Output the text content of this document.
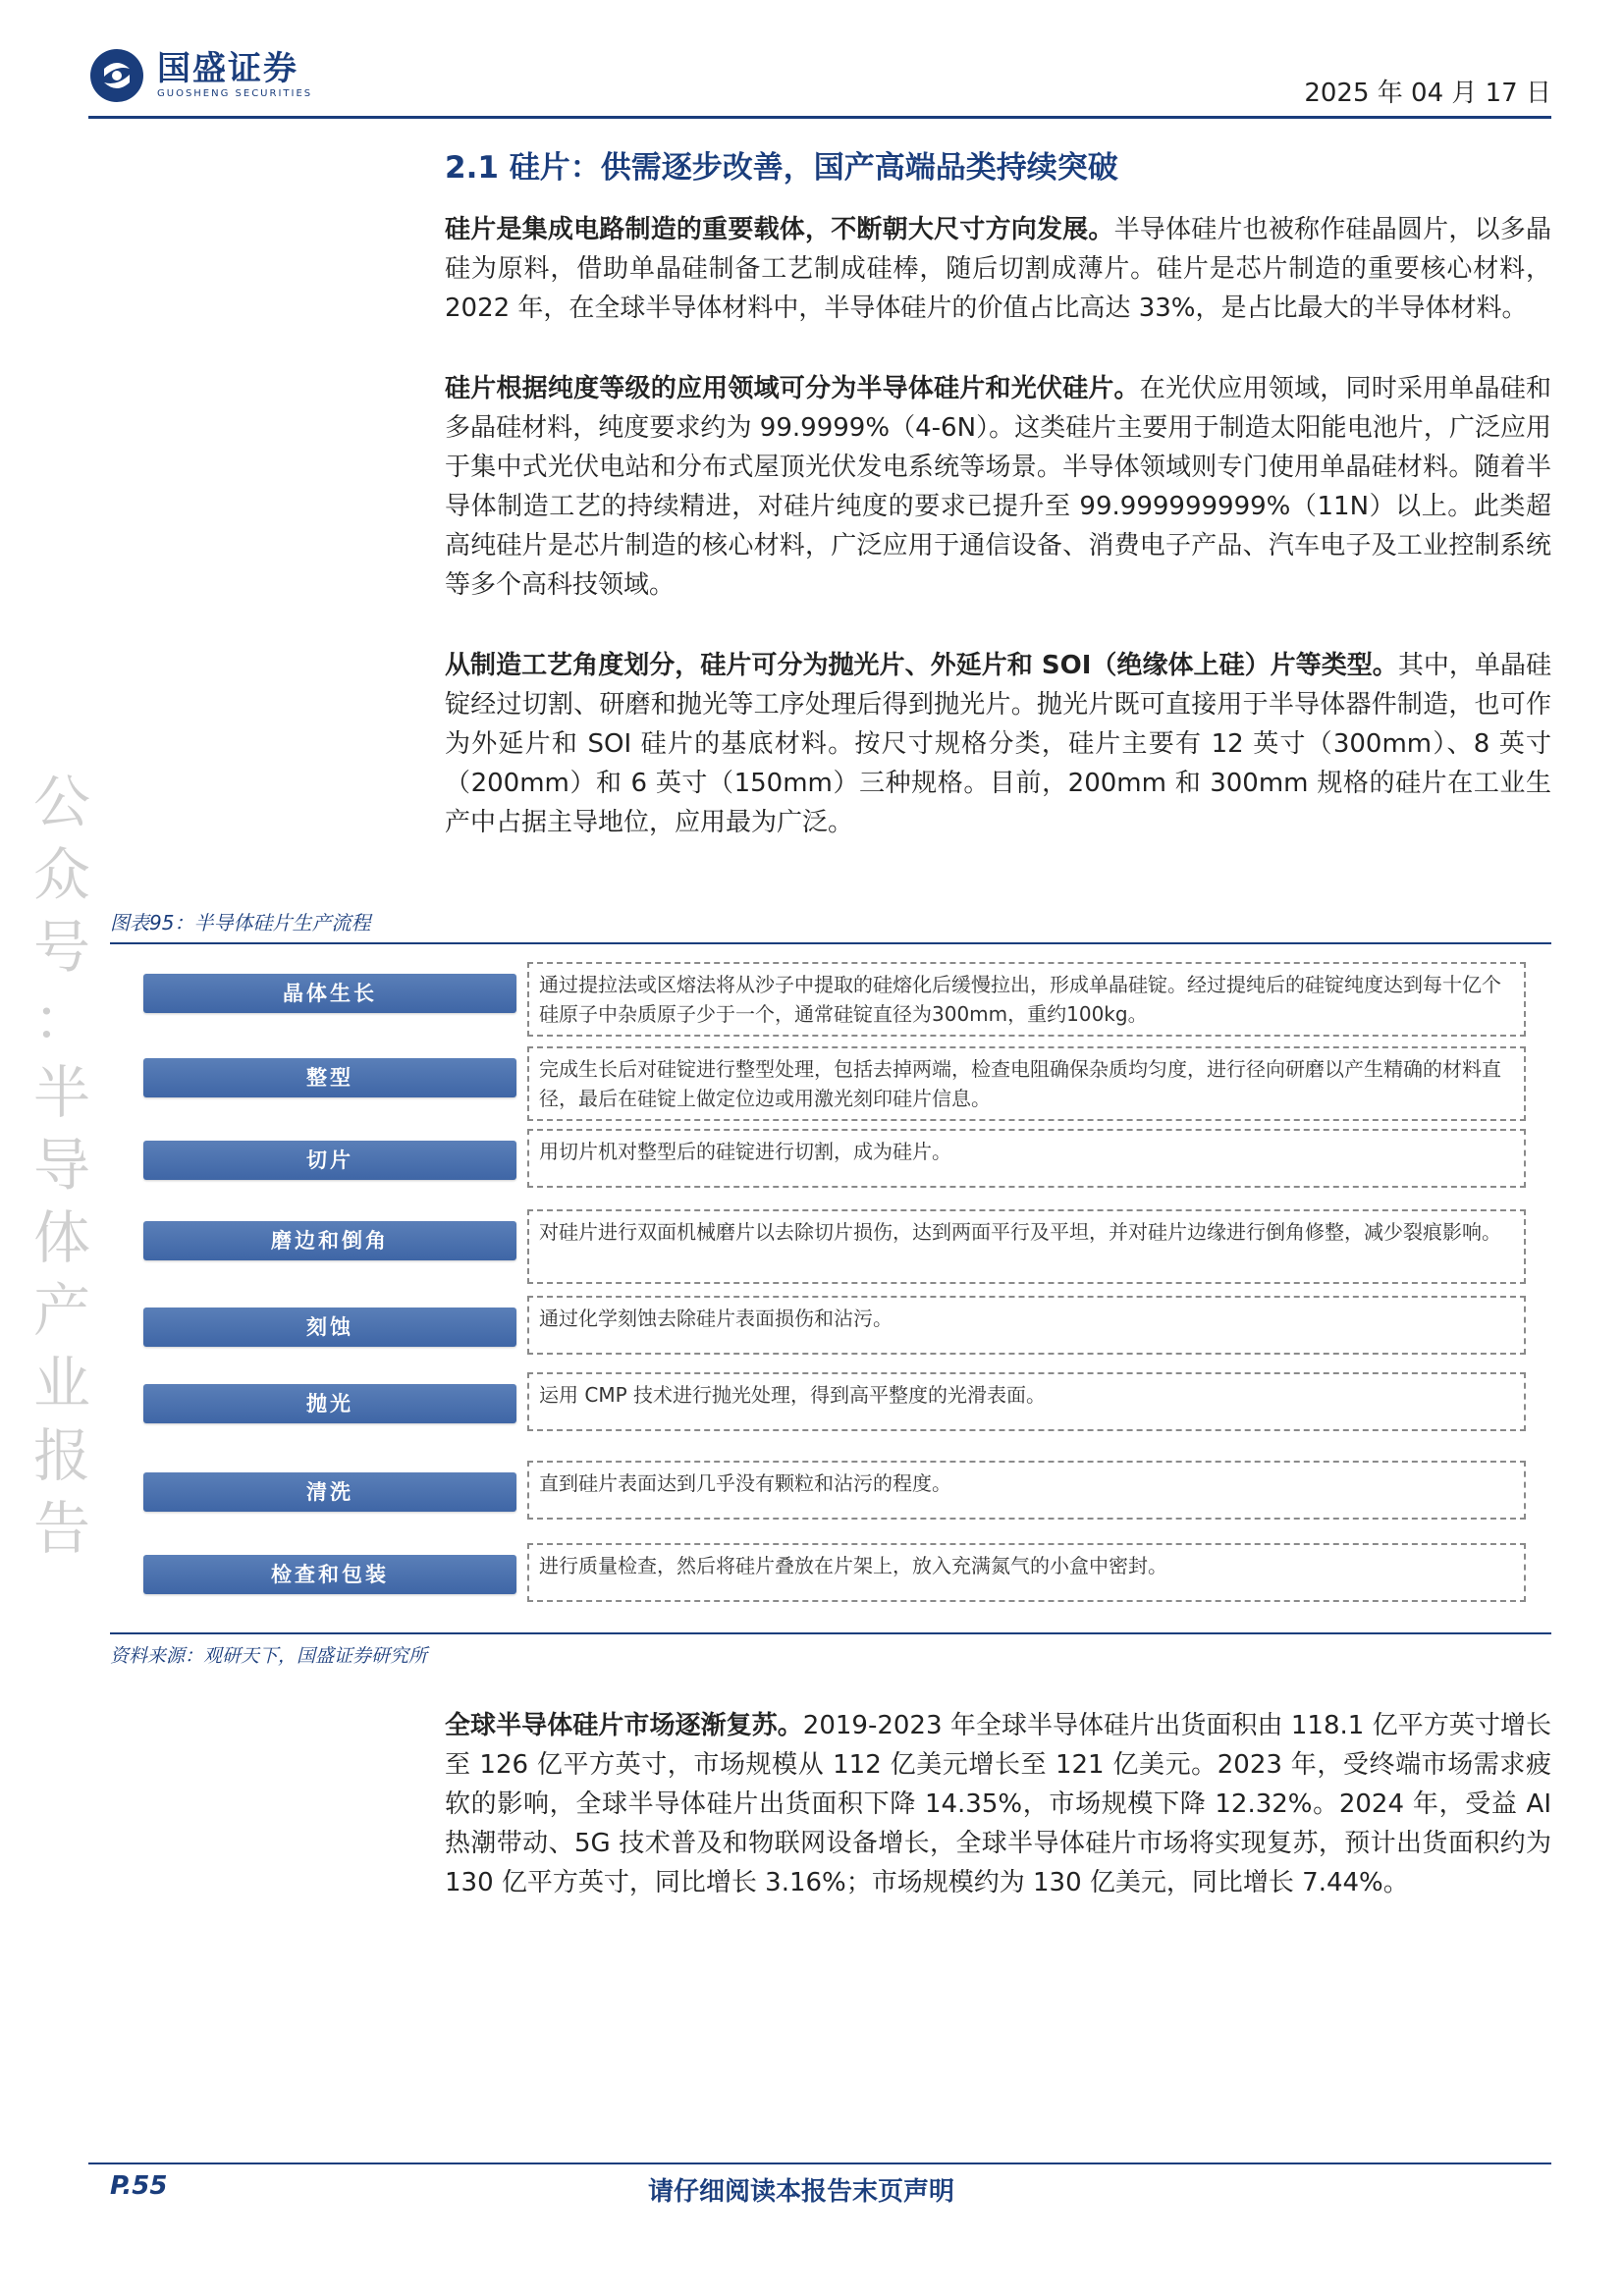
国盛证券
GUOSHENG SECURITIES	2025 年 04 月 17 日
公
众
号
：
半
导
体
产
业
报
告
2.1 硅片：供需逐步改善，国产高端品类持续突破

硅片是集成电路制造的重要载体，不断朝大尺寸方向发展。半导体硅片也被称作硅晶圆片，以多晶硅为原料，借助单晶硅制备工艺制成硅棒，随后切割成薄片。硅片是芯片制造的重要核心材料，2022 年，在全球半导体材料中，半导体硅片的价值占比高达 33%，是占比最大的半导体材料。

硅片根据纯度等级的应用领域可分为半导体硅片和光伏硅片。在光伏应用领域，同时采用单晶硅和多晶硅材料，纯度要求约为 99.9999%（4-6N）。这类硅片主要用于制造太阳能电池片，广泛应用于集中式光伏电站和分布式屋顶光伏发电系统等场景。半导体领域则专门使用单晶硅材料。随着半导体制造工艺的持续精进，对硅片纯度的要求已提升至 99.999999999%（11N）以上。此类超高纯硅片是芯片制造的核心材料，广泛应用于通信设备、消费电子产品、汽车电子及工业控制系统等多个高科技领域。

从制造工艺角度划分，硅片可分为抛光片、外延片和 SOI（绝缘体上硅）片等类型。其中，单晶硅锭经过切割、研磨和抛光等工序处理后得到抛光片。抛光片既可直接用于半导体器件制造，也可作为外延片和 SOI 硅片的基底材料。按尺寸规格分类，硅片主要有 12 英寸（300mm）、8 英寸（200mm）和 6 英寸（150mm）三种规格。目前，200mm 和 300mm 规格的硅片在工业生产中占据主导地位，应用最为广泛。

图表95：半导体硅片生产流程
晶体生长	通过提拉法或区熔法将从沙子中提取的硅熔化后缓慢拉出，形成单晶硅锭。经过提纯后的硅锭纯度达到每十亿个硅原子中杂质原子少于一个，通常硅锭直径为300mm，重约100kg。
整型	完成生长后对硅锭进行整型处理，包括去掉两端，检查电阻确保杂质均匀度，进行径向研磨以产生精确的材料直径，最后在硅锭上做定位边或用激光刻印硅片信息。
切片	用切片机对整型后的硅锭进行切割，成为硅片。
磨边和倒角	对硅片进行双面机械磨片以去除切片损伤，达到两面平行及平坦，并对硅片边缘进行倒角修整，减少裂痕影响。
刻蚀	通过化学刻蚀去除硅片表面损伤和沾污。
抛光	运用 CMP 技术进行抛光处理，得到高平整度的光滑表面。
清洗	直到硅片表面达到几乎没有颗粒和沾污的程度。
检查和包装	进行质量检查，然后将硅片叠放在片架上，放入充满氮气的小盒中密封。
资料来源：观研天下，国盛证券研究所

全球半导体硅片市场逐渐复苏。2019-2023 年全球半导体硅片出货面积由 118.1 亿平方英寸增长至 126 亿平方英寸，市场规模从 112 亿美元增长至 121 亿美元。2023 年，受终端市场需求疲软的影响，全球半导体硅片出货面积下降 14.35%，市场规模下降 12.32%。2024 年，受益 AI 热潮带动、5G 技术普及和物联网设备增长，全球半导体硅片市场将实现复苏，预计出货面积约为 130 亿平方英寸，同比增长 3.16%；市场规模约为 130 亿美元，同比增长 7.44%。

P.55	请仔细阅读本报告末页声明
